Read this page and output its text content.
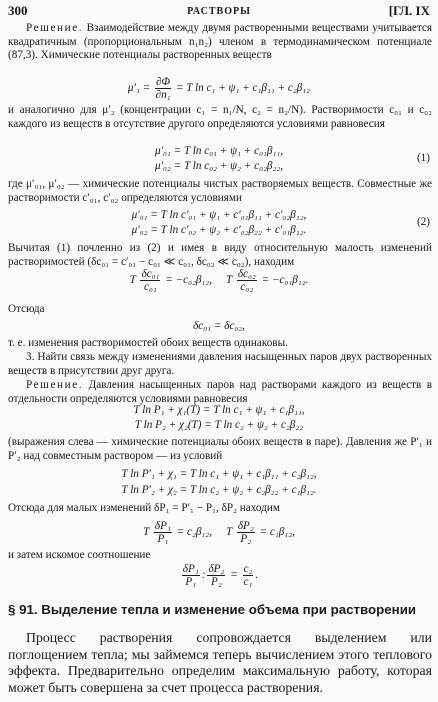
300	РАСТВОРЫ	[ГЛ. IX

Решение. Взаимодействие между двумя растворенными веществами учитывается квадратичным (пропорциональным n₁n₂) членом в термодинамическом потенциале (87,3). Химические потенциалы растворенных веществ

$\mu'_1 = \frac{\partial\Phi}{\text{∂n₁}} = T$ ln c₁ + ψ₁ + c₁β₁₁ + c₂β₁₂

и аналогично для μ′₂ (концентрации c₁ = n₁/N, c₂ = n₂/N). Растворимости c₀₁ и c₀₂ каждого из веществ в отсутствие другого определяются условиями равновесия

μ′₀₁ = T ln c₀₁ + ψ₁ + c₀₁β₁₁,
μ′₀₂ = T ln c₀₂ + ψ₂ + c₀₂β₂₂,
(1)

где μ′₀₁, μ′₀₂ — химические потенциалы чистых растворяемых веществ. Совместные же растворимости c′₀₁, c′₀₂ определяются условиями

μ′₀₁ = T ln c′₀₁ + ψ₁ + c′₀₁β₁₁ + c′₀₂β₁₂,
μ′₀₂ = T ln c′₀₂ + ψ₂ + c′₀₂β₂₂ + c′₀₁β₁₂.
(2)

Вычитая (1) почленно из (2) и имея в виду относительную малость изменений растворимостей (δc₀₁ = c′₀₁ − c₀₁ ≪ c₀₁, δc₀₂ ≪ c₀₂), находим

T $\frac{\text{δc₀₁}}{\text{c₀₁}} = -c_{02}\beta_{12}$, T $\frac{\text{δc₀₂}}{\text{c₀₂}} = -c_{01}\beta_{12}$.

Отсюда

δc₀₁ = δc₀₂,

т. е. изменения растворимостей обоих веществ одинаковы.

3. Найти связь между изменениями давления насыщенных паров двух растворенных веществ в присутствии друг друга.

Решение. Давления насыщенных паров над растворами каждого из веществ в отдельности определяются условиями равновесия

T ln P₁ + χ₁(T) = T ln c₁ + ψ₁ + c₁β₁₁,
T ln P₂ + χ₂(T) = T ln c₂ + ψ₂ + c₂β₂₂

(выражения слева — химические потенциалы обоих веществ в паре). Давления же P′₁ и P′₂ над совместным раствором — из условий

T ln P′₁ + χ₁ = T ln c₁ + ψ₁ + c₁β₁₁ + c₂β₁₂,
T ln P′₂ + χ₂ = T ln c₂ + ψ₂ + c₂β₂₂ + c₁β₁₂.

Отсюда для малых изменений δP₁ = P′₁ − P₁, δP₂ находим

T $\frac{\text{δP₁}}{\text{P₁}} = c_2\beta_{12}$, T $\frac{\text{δP₂}}{\text{P₂}} = c_1\beta_{12}$,

и затем искомое соотношение

$\frac{\text{δP₁}}{\text{P₁}}$ : $\frac{\text{δP₂}}{\text{P₂}} = \frac{\text{c₂}}{\text{c₁}}$ .
§ 91. Выделение тепла и изменение объема при растворении

Процесс растворения сопровождается выделением или поглощением тепла; мы займемся теперь вычислением этого теплового эффекта. Предварительно определим максимальную работу, которая может быть совершена за счет процесса растворения.
